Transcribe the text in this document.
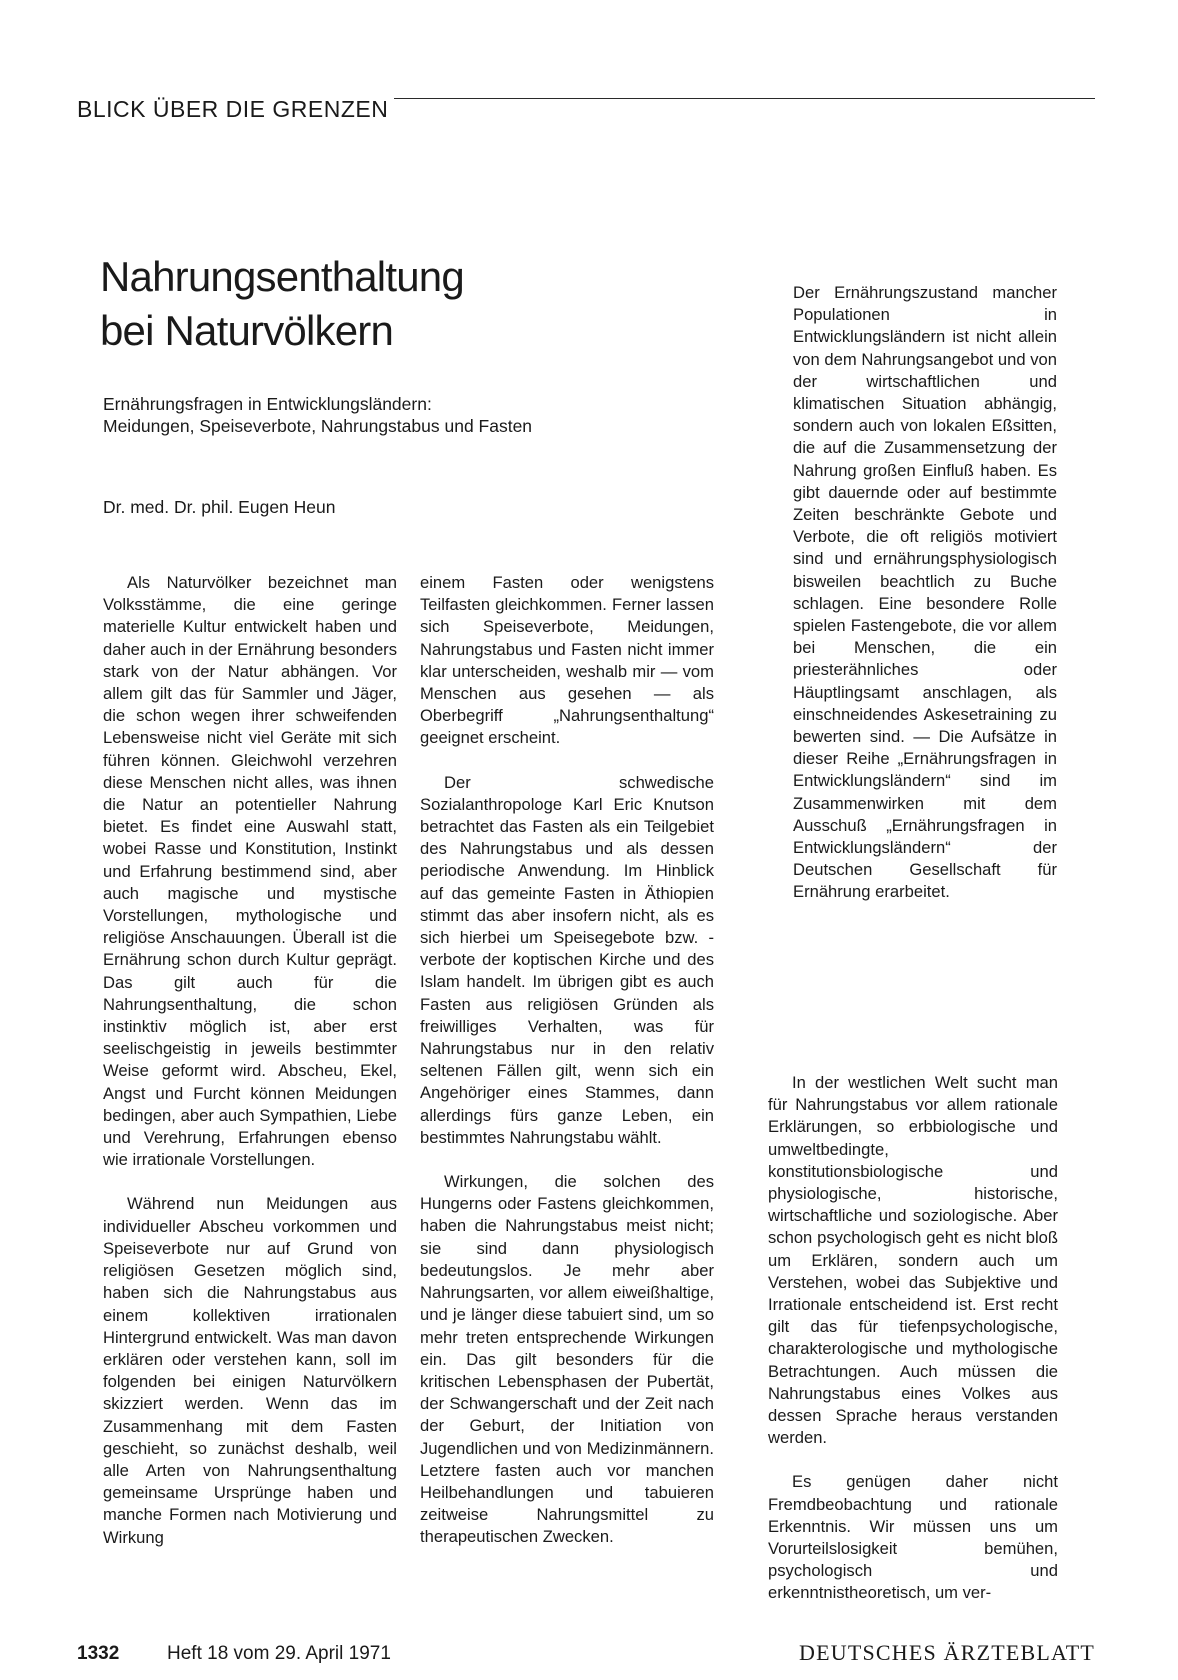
BLICK ÜBER DIE GRENZEN
Nahrungsenthaltung
bei Naturvölkern

Ernährungsfragen in Entwicklungsländern:
Meidungen, Speiseverbote, Nahrungstabus und Fasten

Dr. med. Dr. phil. Eugen Heun

Als Naturvölker bezeichnet man Volksstämme, die eine geringe materielle Kultur entwickelt haben und daher auch in der Ernährung besonders stark von der Natur abhängen. Vor allem gilt das für Sammler und Jäger, die schon wegen ihrer schweifenden Lebensweise nicht viel Geräte mit sich führen können. Gleichwohl verzehren diese Menschen nicht alles, was ihnen die Natur an potentieller Nahrung bietet. Es findet eine Auswahl statt, wobei Rasse und Konstitution, Instinkt und Erfahrung bestimmend sind, aber auch magische und mystische Vorstellungen, mythologische und religiöse Anschauungen. Überall ist die Ernährung schon durch Kultur geprägt. Das gilt auch für die Nahrungsenthaltung, die schon instinktiv möglich ist, aber erst seelischgeistig in jeweils bestimmter Weise geformt wird. Abscheu, Ekel, Angst und Furcht können Meidungen bedingen, aber auch Sympathien, Liebe und Verehrung, Erfahrungen ebenso wie irrationale Vorstellungen.

Während nun Meidungen aus individueller Abscheu vorkommen und Speiseverbote nur auf Grund von religiösen Gesetzen möglich sind, haben sich die Nahrungstabus aus einem kollektiven irrationalen Hintergrund entwickelt. Was man davon erklären oder verstehen kann, soll im folgenden bei einigen Naturvölkern skizziert werden. Wenn das im Zusammenhang mit dem Fasten geschieht, so zunächst deshalb, weil alle Arten von Nahrungsenthaltung gemeinsame Ursprünge haben und manche Formen nach Motivierung und Wirkung

einem Fasten oder wenigstens Teilfasten gleichkommen. Ferner lassen sich Speiseverbote, Meidungen, Nahrungstabus und Fasten nicht immer klar unterscheiden, weshalb mir — vom Menschen aus gesehen — als Oberbegriff „Nahrungsenthaltung“ geeignet erscheint.

Der schwedische Sozialanthropologe Karl Eric Knutson betrachtet das Fasten als ein Teilgebiet des Nahrungstabus und als dessen periodische Anwendung. Im Hinblick auf das gemeinte Fasten in Äthiopien stimmt das aber insofern nicht, als es sich hierbei um Speisegebote bzw. -verbote der koptischen Kirche und des Islam handelt. Im übrigen gibt es auch Fasten aus religiösen Gründen als freiwilliges Verhalten, was für Nahrungstabus nur in den relativ seltenen Fällen gilt, wenn sich ein Angehöriger eines Stammes, dann allerdings fürs ganze Leben, ein bestimmtes Nahrungstabu wählt.

Wirkungen, die solchen des Hungerns oder Fastens gleichkommen, haben die Nahrungstabus meist nicht; sie sind dann physiologisch bedeutungslos. Je mehr aber Nahrungsarten, vor allem eiweißhaltige, und je länger diese tabuiert sind, um so mehr treten entsprechende Wirkungen ein. Das gilt besonders für die kritischen Lebensphasen der Pubertät, der Schwangerschaft und der Zeit nach der Geburt, der Initiation von Jugendlichen und von Medizinmännern. Letztere fasten auch vor manchen Heilbehandlungen und tabuieren zeitweise Nahrungsmittel zu therapeutischen Zwecken.

Der Ernährungszustand mancher Populationen in Entwicklungsländern ist nicht allein von dem Nahrungsangebot und von der wirtschaftlichen und klimatischen Situation abhängig, sondern auch von lokalen Eßsitten, die auf die Zusammensetzung der Nahrung großen Einfluß haben. Es gibt dauernde oder auf bestimmte Zeiten beschränkte Gebote und Verbote, die oft religiös motiviert sind und ernährungsphysiologisch bisweilen beachtlich zu Buche schlagen. Eine besondere Rolle spielen Fastengebote, die vor allem bei Menschen, die ein priesterähnliches oder Häuptlingsamt anschlagen, als einschneidendes Askesetraining zu bewerten sind. — Die Aufsätze in dieser Reihe „Ernährungsfragen in Entwicklungsländern“ sind im Zusammenwirken mit dem Ausschuß „Ernährungsfragen in Entwicklungsländern“ der Deutschen Gesellschaft für Ernährung erarbeitet.

In der westlichen Welt sucht man für Nahrungstabus vor allem rationale Erklärungen, so erbbiologische und umweltbedingte, konstitutionsbiologische und physiologische, historische, wirtschaftliche und soziologische. Aber schon psychologisch geht es nicht bloß um Erklären, sondern auch um Verstehen, wobei das Subjektive und Irrationale entscheidend ist. Erst recht gilt das für tiefenpsychologische, charakterologische und mythologische Betrachtungen. Auch müssen die Nahrungstabus eines Volkes aus dessen Sprache heraus verstanden werden.

Es genügen daher nicht Fremdbeobachtung und rationale Erkenntnis. Wir müssen uns um Vorurteilslosigkeit bemühen, psychologisch und erkenntnistheoretisch, um ver-

1332	Heft 18 vom 29. April 1971	DEUTSCHES ÄRZTEBLATT
